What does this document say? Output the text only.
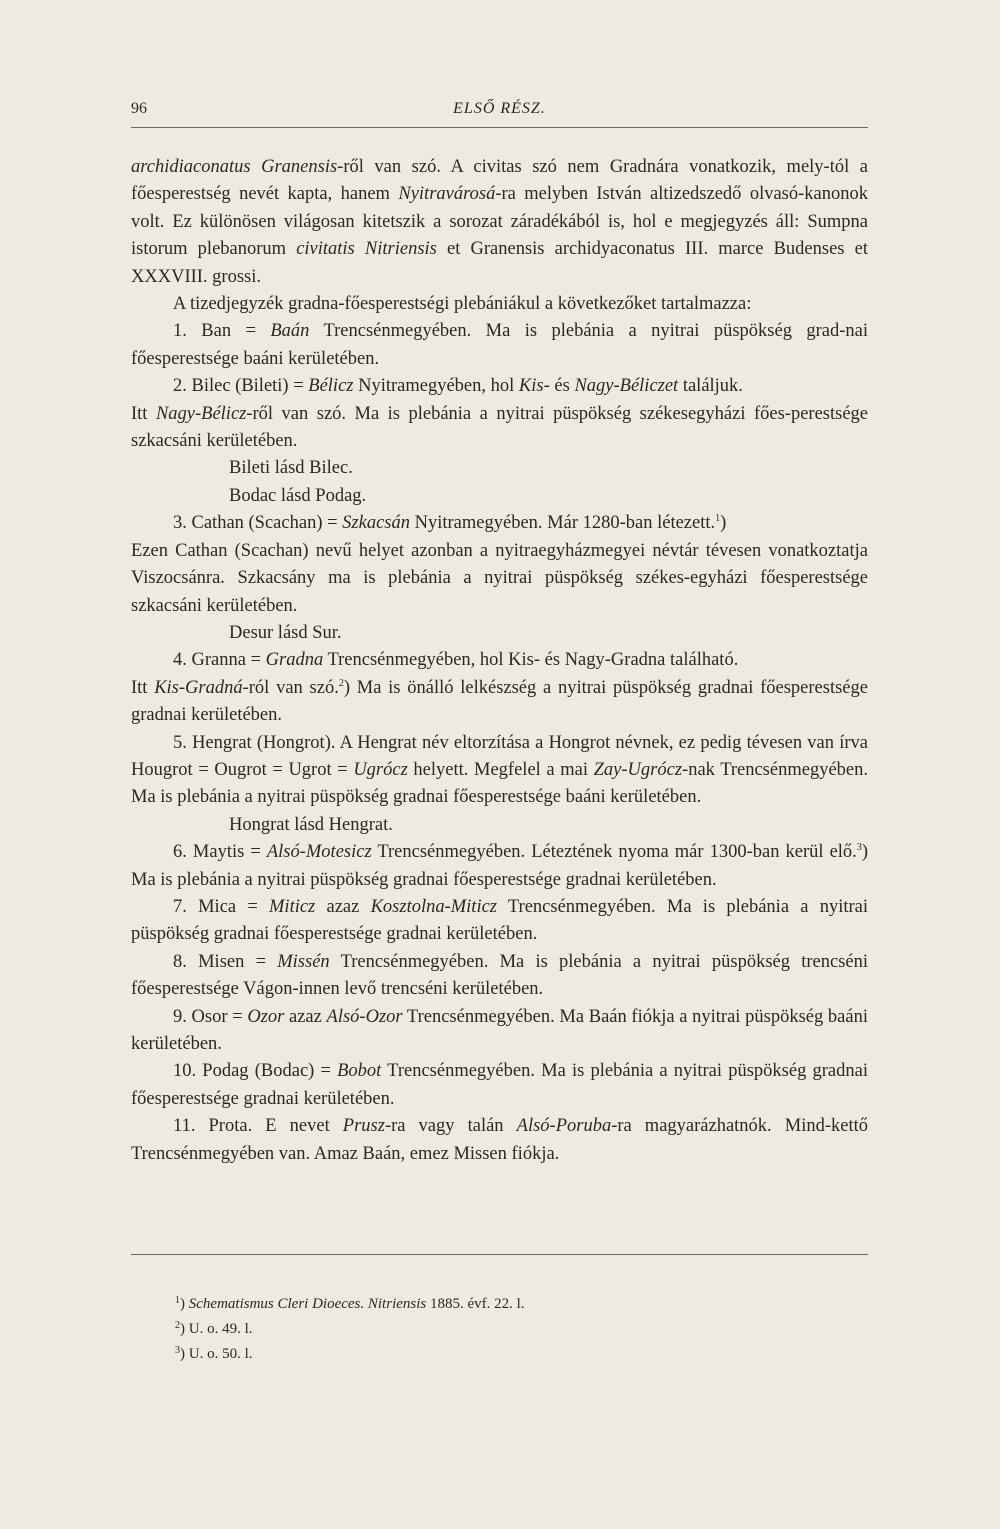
96	ELSŐ RÉSZ.

archidiaconatus Granensis-ről van szó. A civitas szó nem Gradnára vonatkozik, mely-tól a főesperestség nevét kapta, hanem Nyitravárosá-ra melyben István altizedszedő olvasó-kanonok volt. Ez különösen világosan kitetszik a sorozat záradékából is, hol e megjegyzés áll: Sumpna istorum plebanorum civitatis Nitriensis et Granensis archidyaconatus III. marce Budenses et XXXVIII. grossi.

A tizedjegyzék gradna-főesperestségi plebániákul a következőket tartalmazza:

1. Ban = Baán Trencsénmegyében. Ma is plebánia a nyitrai püspökség grad-nai főesperestsége baáni kerületében.

2. Bilec (Bileti) = Bélicz Nyitramegyében, hol Kis- és Nagy-Béliczet találjuk.

Itt Nagy-Bélicz-ről van szó. Ma is plebánia a nyitrai püspökség székesegyházi főes-perestsége szkacsáni kerületében.

Bileti lásd Bilec.

Bodac lásd Podag.

3. Cathan (Scachan) = Szkacsán Nyitramegyében. Már 1280-ban létezett.$^1$)

Ezen Cathan (Scachan) nevű helyet azonban a nyitraegyházmegyei névtár tévesen vonatkoztatja Viszocsánra. Szkacsány ma is plebánia a nyitrai püspökség székes-egyházi főesperestsége szkacsáni kerületében.

Desur lásd Sur.

4. Granna = Gradna Trencsénmegyében, hol Kis- és Nagy-Gradna található.

Itt Kis-Gradná-ról van szó.$^2$) Ma is önálló lelkészség a nyitrai püspökség gradnai főesperestsége gradnai kerületében.

5. Hengrat (Hongrot). A Hengrat név eltorzítása a Hongrot névnek, ez pedig tévesen van írva Hougrot = Ougrot = Ugrot = Ugrócz helyett. Megfelel a mai Zay-Ugrócz-nak Trencsénmegyében. Ma is plebánia a nyitrai püspökség gradnai főesperestsége baáni kerületében.

Hongrat lásd Hengrat.

6. Maytis = Alsó-Motesicz Trencsénmegyében. Léteztének nyoma már 1300-ban kerül elő.$^3$) Ma is plebánia a nyitrai püspökség gradnai főesperestsége gradnai kerületében.

7. Mica = Miticz azaz Kosztolna-Miticz Trencsénmegyében. Ma is plebánia a nyitrai püspökség gradnai főesperestsége gradnai kerületében.

8. Misen = Missén Trencsénmegyében. Ma is plebánia a nyitrai püspökség trencséni főesperestsége Vágon-innen levő trencséni kerületében.

9. Osor = Ozor azaz Alsó-Ozor Trencsénmegyében. Ma Baán fiókja a nyitrai püspökség baáni kerületében.

10. Podag (Bodac) = Bobot Trencsénmegyében. Ma is plebánia a nyitrai püspökség gradnai főesperestsége gradnai kerületében.

11. Prota. E nevet Prusz-ra vagy talán Alsó-Poruba-ra magyarázhatnók. Mind-kettő Trencsénmegyében van. Amaz Baán, emez Missen fiókja.

$^1$) Schematismus Cleri Dioeces. Nitriensis 1885. évf. 22. l.
$^2$) U. o. 49. l.
$^3$) U. o. 50. l.
